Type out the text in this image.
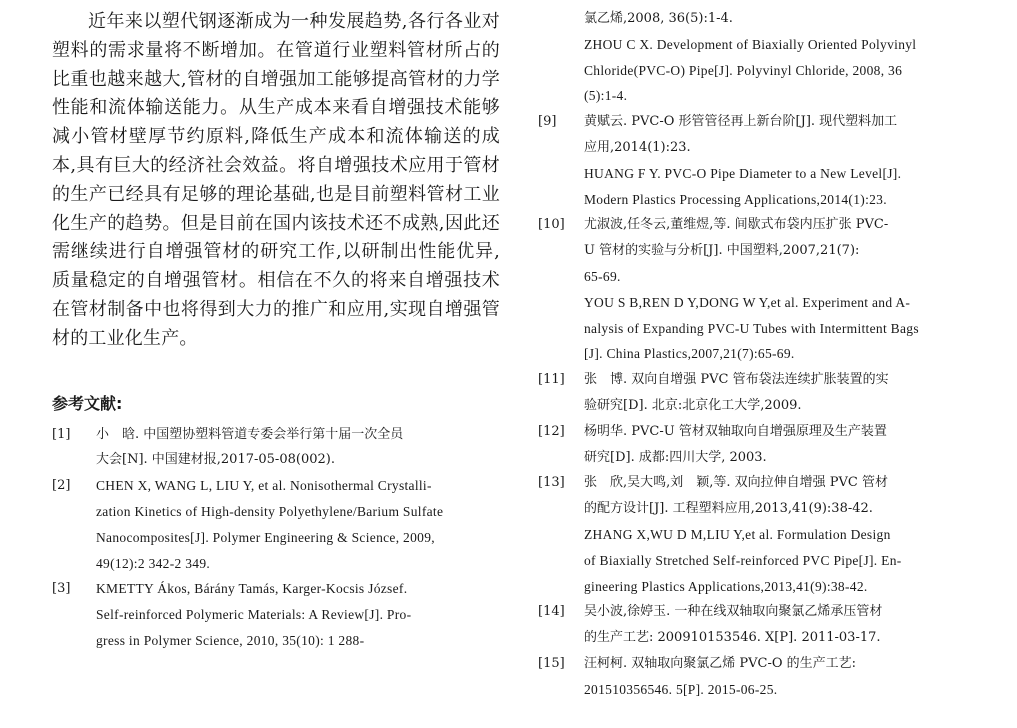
近年来以塑代钢逐渐成为一种发展趋势,各行各业对塑料的需求量将不断增加。在管道行业塑料管材所占的比重也越来越大,管材的自增强加工能够提高管材的力学性能和流体输送能力。从生产成本来看自增强技术能够减小管材壁厚节约原料,降低生产成本和流体输送的成本,具有巨大的经济社会效益。将自增强技术应用于管材的生产已经具有足够的理论基础,也是目前塑料管材工业化生产的趋势。但是目前在国内该技术还不成熟,因此还需继续进行自增强管材的研究工作,以研制出性能优异,质量稳定的自增强管材。相信在不久的将来自增强技术在管材制备中也将得到大力的推广和应用,实现自增强管材的工业化生产。

参考文献:
[1]	小　晗. 中国塑协塑料管道专委会举行第十届一次全员
大会[N]. 中国建材报,2017-05-08(002).
[2]	CHEN X, WANG L, LIU Y, et al. Nonisothermal Crystalli-
zation Kinetics of High-density Polyethylene/Barium Sulfate
Nanocomposites[J]. Polymer Engineering & Science, 2009,
49(12):2 342-2 349.
[3]	KMETTY Ákos, Bárány Tamás, Karger-Kocsis József.
Self-reinforced Polymeric Materials: A Review[J]. Pro-
gress in Polymer Science, 2010, 35(10): 1 288-
氯乙烯,2008, 36(5):1-4.
ZHOU C X. Development of Biaxially Oriented Polyvinyl
Chloride(PVC-O) Pipe[J]. Polyvinyl Chloride, 2008, 36
(5):1-4.
[9]	黄赋云. PVC-O 形管管径再上新台阶[J]. 现代塑料加工
应用,2014(1):23.
HUANG F Y. PVC-O Pipe Diameter to a New Level[J].
Modern Plastics Processing Applications,2014(1):23.
[10]	尤淑波,任冬云,董维煜,等. 间歇式布袋内压扩张 PVC-
U 管材的实验与分析[J]. 中国塑料,2007,21(7):
65-69.
YOU S B,REN D Y,DONG W Y,et al. Experiment and A-
nalysis of Expanding PVC-U Tubes with Intermittent Bags
[J]. China Plastics,2007,21(7):65-69.
[11]	张　博. 双向自增强 PVC 管布袋法连续扩胀装置的实
验研究[D]. 北京:北京化工大学,2009.
[12]	杨明华. PVC-U 管材双轴取向自增强原理及生产装置
研究[D]. 成都:四川大学, 2003.
[13]	张　欣,吴大鸣,刘　颖,等. 双向拉伸自增强 PVC 管材
的配方设计[J]. 工程塑料应用,2013,41(9):38-42.
ZHANG X,WU D M,LIU Y,et al. Formulation Design
of Biaxially Stretched Self-reinforced PVC Pipe[J]. En-
gineering Plastics Applications,2013,41(9):38-42.
[14]	吴小波,徐婷玉. 一种在线双轴取向聚氯乙烯承压管材
的生产工艺: 200910153546. X[P]. 2011-03-17.
[15]	汪柯柯. 双轴取向聚氯乙烯 PVC-O 的生产工艺:
201510356546. 5[P]. 2015-06-25.
